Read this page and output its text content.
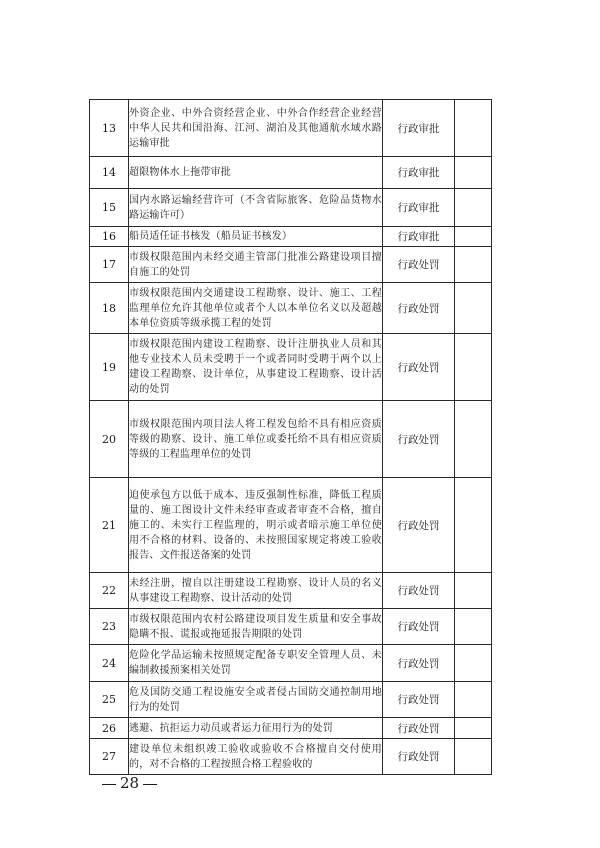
13	外资企业、中外合资经营企业、中外合作经营企业经营中华人民共和国沿海、江河、湖泊及其他通航水域水路运输审批	行政审批	
14	超限物体水上拖带审批	行政审批	
15	国内水路运输经营许可（不含省际旅客、危险品货物水路运输许可）	行政审批	
16	船员适任证书核发（船员证书核发）	行政审批	
17	市级权限范围内未经交通主管部门批准公路建设项目擅自施工的处罚	行政处罚	
18	市级权限范围内交通建设工程勘察、设计、施工、工程监理单位允许其他单位或者个人以本单位名义以及超越本单位资质等级承揽工程的处罚	行政处罚	
19	市级权限范围内建设工程勘察、设计注册执业人员和其他专业技术人员未受聘于一个或者同时受聘于两个以上建设工程勘察、设计单位，从事建设工程勘察、设计活动的处罚	行政处罚	
20	市级权限范围内项目法人将工程发包给不具有相应资质等级的勘察、设计、施工单位或委托给不具有相应资质等级的工程监理单位的处罚	行政处罚	
21	迫使承包方以低于成本、违反强制性标准，降低工程质量的、施工图设计文件未经审查或者审查不合格，擅自施工的、未实行工程监理的，明示或者暗示施工单位使用不合格的材料、设备的、未按照国家规定将竣工验收报告、文件报送备案的处罚	行政处罚	
22	未经注册，擅自以注册建设工程勘察、设计人员的名义从事建设工程勘察、设计活动的处罚	行政处罚	
23	市级权限范围内农村公路建设项目发生质量和安全事故隐瞒不报、谎报或拖延报告期限的处罚	行政处罚	
24	危险化学品运输未按照规定配备专职安全管理人员、未编制救援预案相关处罚	行政处罚	
25	危及国防交通工程设施安全或者侵占国防交通控制用地行为的处罚	行政处罚	
26	逃避、抗拒运力动员或者运力征用行为的处罚	行政处罚	
27	建设单位未组织竣工验收或验收不合格擅自交付使用的，对不合格的工程按照合格工程验收的	行政处罚	
28
